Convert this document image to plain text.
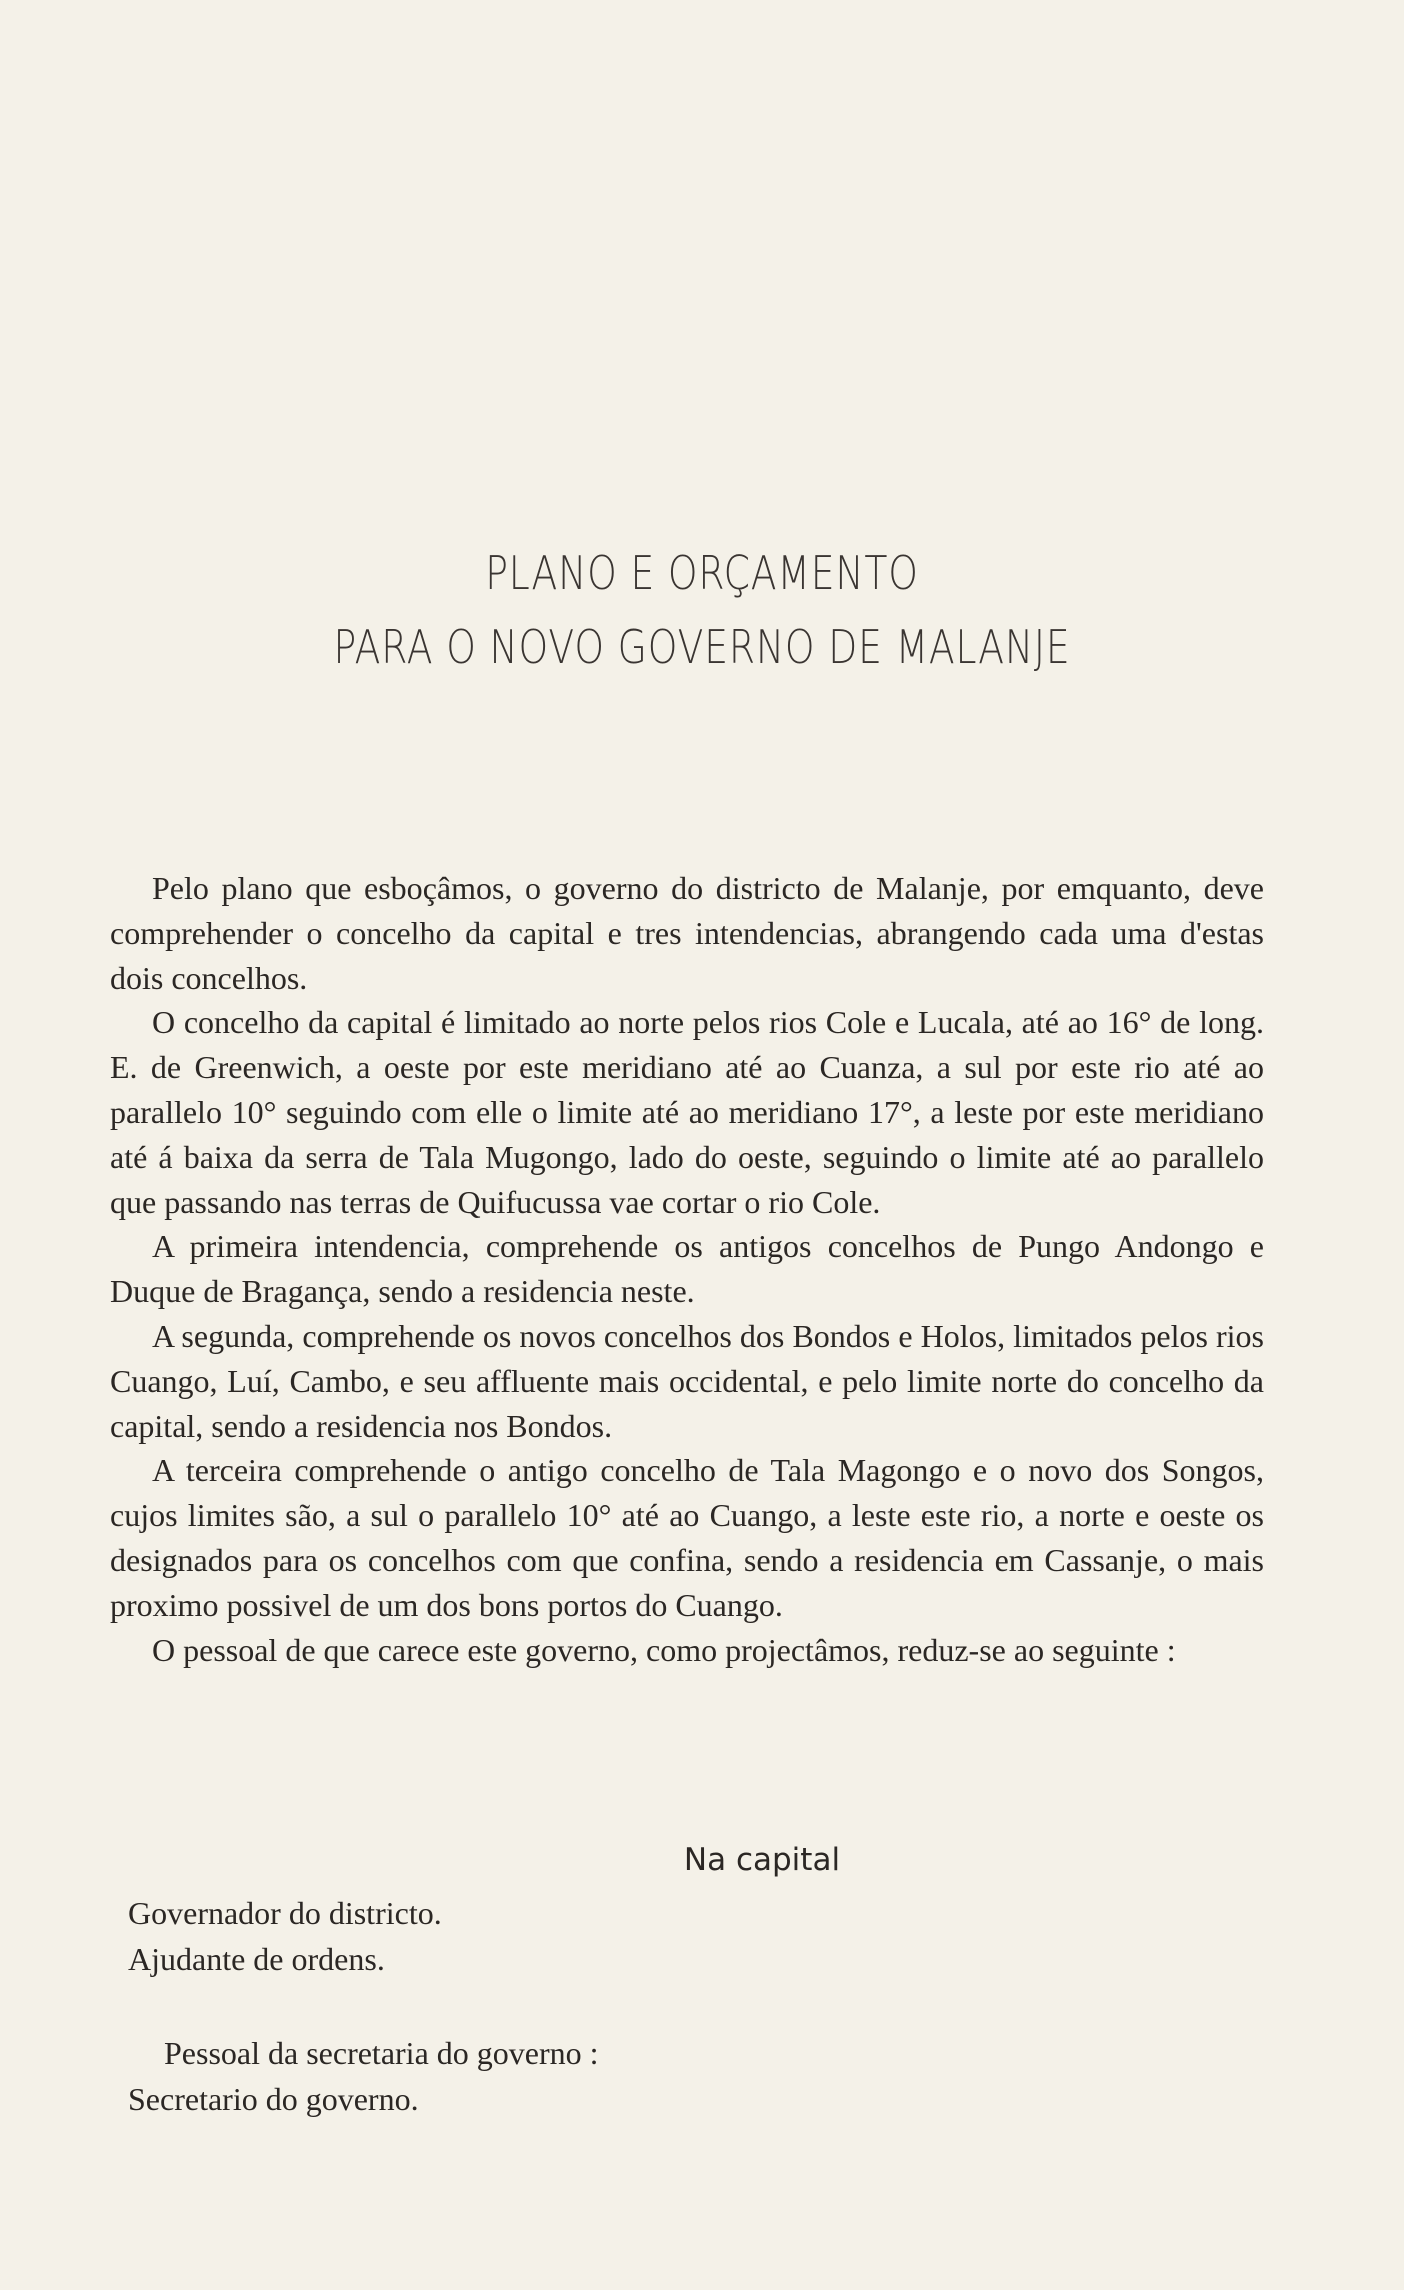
PLANO E ORÇAMENTO
PARA O NOVO GOVERNO DE MALANJE

Pelo plano que esboçâmos, o governo do districto de Malanje, por emquanto, deve comprehender o concelho da capital e tres intendencias, abrangendo cada uma d'estas dois concelhos.

O concelho da capital é limitado ao norte pelos rios Cole e Lucala, até ao 16° de long. E. de Greenwich, a oeste por este meridiano até ao Cuanza, a sul por este rio até ao parallelo 10° seguindo com elle o limite até ao meridiano 17°, a leste por este meridiano até á baixa da serra de Tala Mugongo, lado do oeste, seguindo o limite até ao parallelo que passando nas terras de Quifucussa vae cortar o rio Cole.

A primeira intendencia, comprehende os antigos concelhos de Pungo Andongo e Duque de Bragança, sendo a residencia neste.

A segunda, comprehende os novos concelhos dos Bondos e Holos, limitados pelos rios Cuango, Luí, Cambo, e seu affluente mais occidental, e pelo limite norte do concelho da capital, sendo a residencia nos Bondos.

A terceira comprehende o antigo concelho de Tala Magongo e o novo dos Songos, cujos limites são, a sul o parallelo 10° até ao Cuango, a leste este rio, a norte e oeste os designados para os concelhos com que confina, sendo a residencia em Cassanje, o mais proximo possivel de um dos bons portos do Cuango.

O pessoal de que carece este governo, como projectâmos, reduz-se ao seguinte :

Na capital
Governador do districto.
Ajudante de ordens.
Pessoal da secretaria do governo :
Secretario do governo.
